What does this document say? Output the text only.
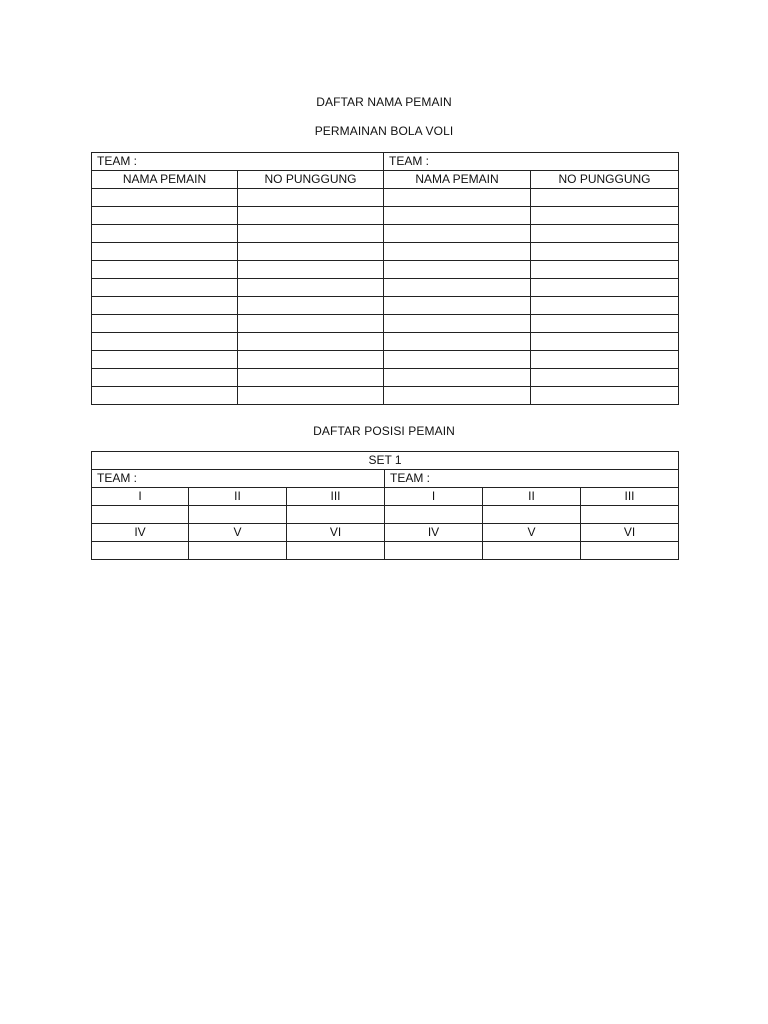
DAFTAR NAMA PEMAIN
PERMAINAN BOLA VOLI
TEAM :		TEAM :	
NAMA PEMAIN	NO PUNGGUNG	NAMA PEMAIN	NO PUNGGUNG

DAFTAR POSISI PEMAIN
SET 1					
TEAM :			TEAM :		
I	II	III	I	II	III

IV	V	VI	IV	V	VI
